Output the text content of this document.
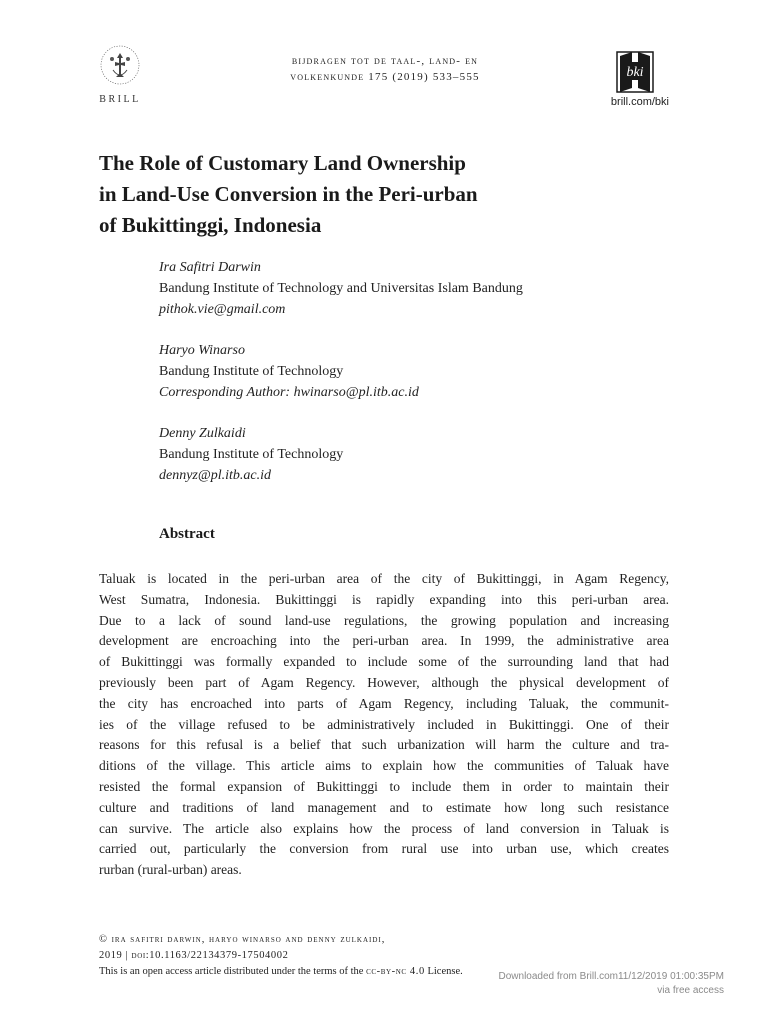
BRILL
bijdragen tot de taal-, land- en
volkenkunde 175 (2019) 533–555	bki
brill.com/bki
The Role of Customary Land Ownership
in Land-Use Conversion in the Peri-urban
of Bukittinggi, Indonesia
Ira Safitri Darwin
Bandung Institute of Technology and Universitas Islam Bandung
pithok.vie@gmail.com
Haryo Winarso
Bandung Institute of Technology
Corresponding Author: hwinarso@pl.itb.ac.id
Denny Zulkaidi
Bandung Institute of Technology
dennyz@pl.itb.ac.id
Abstract
Taluak is located in the peri-urban area of the city of Bukittinggi, in Agam Regency,
West Sumatra, Indonesia. Bukittinggi is rapidly expanding into this peri-urban area.
Due to a lack of sound land-use regulations, the growing population and increasing
development are encroaching into the peri-urban area. In 1999, the administrative area
of Bukittinggi was formally expanded to include some of the surrounding land that had
previously been part of Agam Regency. However, although the physical development of
the city has encroached into parts of Agam Regency, including Taluak, the communit-
ies of the village refused to be administratively included in Bukittinggi. One of their
reasons for this refusal is a belief that such urbanization will harm the culture and tra-
ditions of the village. This article aims to explain how the communities of Taluak have
resisted the formal expansion of Bukittinggi to include them in order to maintain their
culture and traditions of land management and to estimate how long such resistance
can survive. The article also explains how the process of land conversion in Taluak is
carried out, particularly the conversion from rural use into urban use, which creates
rurban (rural-urban) areas.
© ira safitri darwin, haryo winarso and denny zulkaidi,
2019 | doi:10.1163/22134379-17504002
This is an open access article distributed under the terms of the cc-by-nc 4.0 License.	Downloaded from Brill.com11/12/2019 01:00:35PM
via free access
